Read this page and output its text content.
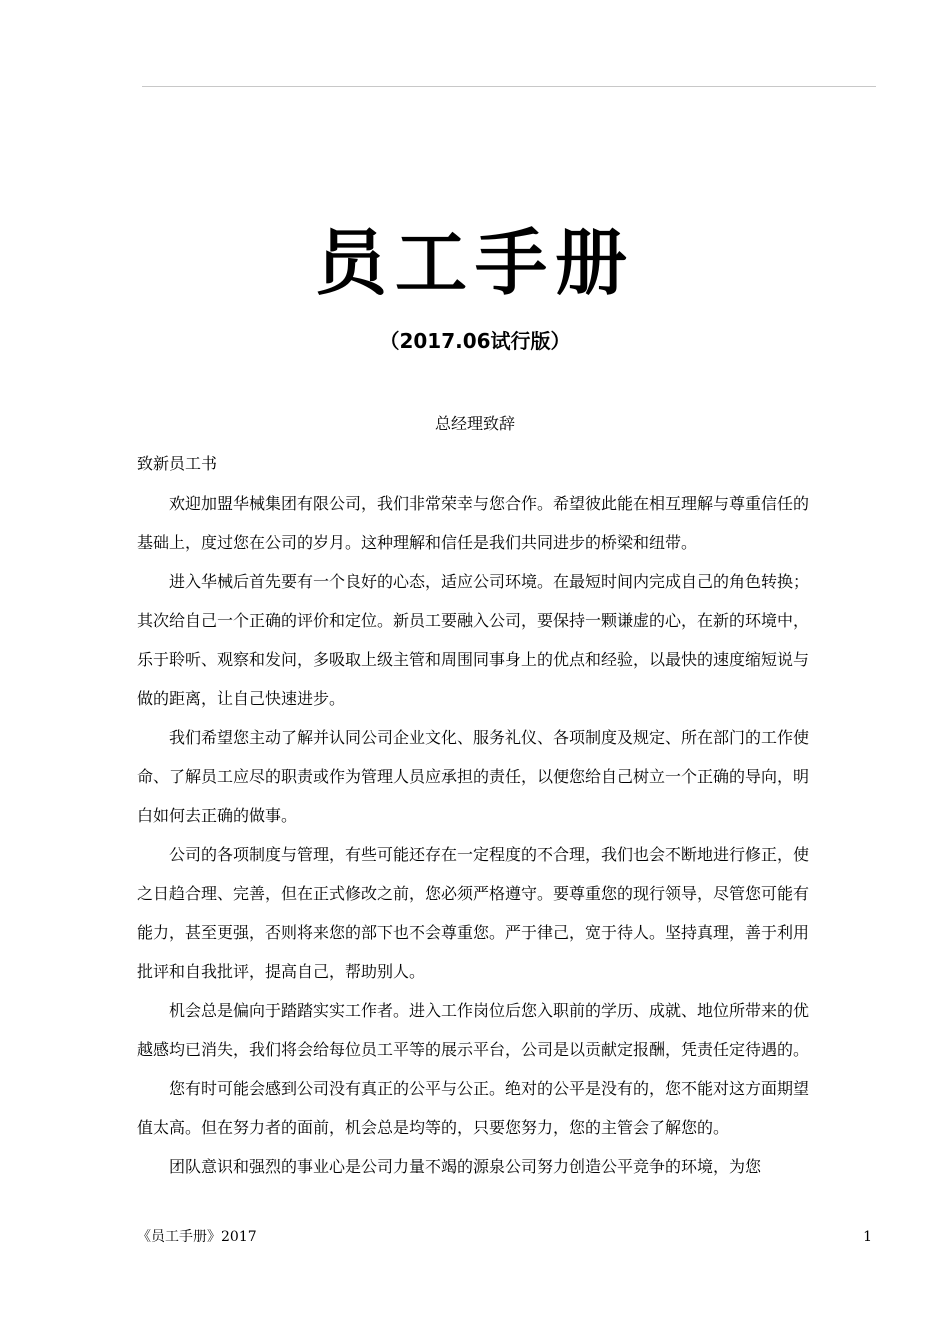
员工手册
（2017.06试行版）
总经理致辞
致新员工书

欢迎加盟华械集团有限公司，我们非常荣幸与您合作。希望彼此能在相互理解与尊重信任的基础上，度过您在公司的岁月。这种理解和信任是我们共同进步的桥梁和纽带。

进入华械后首先要有一个良好的心态，适应公司环境。在最短时间内完成自己的角色转换；其次给自己一个正确的评价和定位。新员工要融入公司，要保持一颗谦虚的心，在新的环境中，乐于聆听、观察和发问，多吸取上级主管和周围同事身上的优点和经验，以最快的速度缩短说与做的距离，让自己快速进步。

我们希望您主动了解并认同公司企业文化、服务礼仪、各项制度及规定、所在部门的工作使命、了解员工应尽的职责或作为管理人员应承担的责任，以便您给自己树立一个正确的导向，明白如何去正确的做事。

公司的各项制度与管理，有些可能还存在一定程度的不合理，我们也会不断地进行修正，使之日趋合理、完善，但在正式修改之前，您必须严格遵守。要尊重您的现行领导，尽管您可能有能力，甚至更强，否则将来您的部下也不会尊重您。严于律己，宽于待人。坚持真理，善于利用批评和自我批评，提高自己，帮助别人。

机会总是偏向于踏踏实实工作者。进入工作岗位后您入职前的学历、成就、地位所带来的优越感均已消失，我们将会给每位员工平等的展示平台，公司是以贡献定报酬，凭责任定待遇的。

您有时可能会感到公司没有真正的公平与公正。绝对的公平是没有的，您不能对这方面期望值太高。但在努力者的面前，机会总是均等的，只要您努力，您的主管会了解您的。

团队意识和强烈的事业心是公司力量不竭的源泉公司努力创造公平竞争的环境，为您

《员工手册》2017	1
